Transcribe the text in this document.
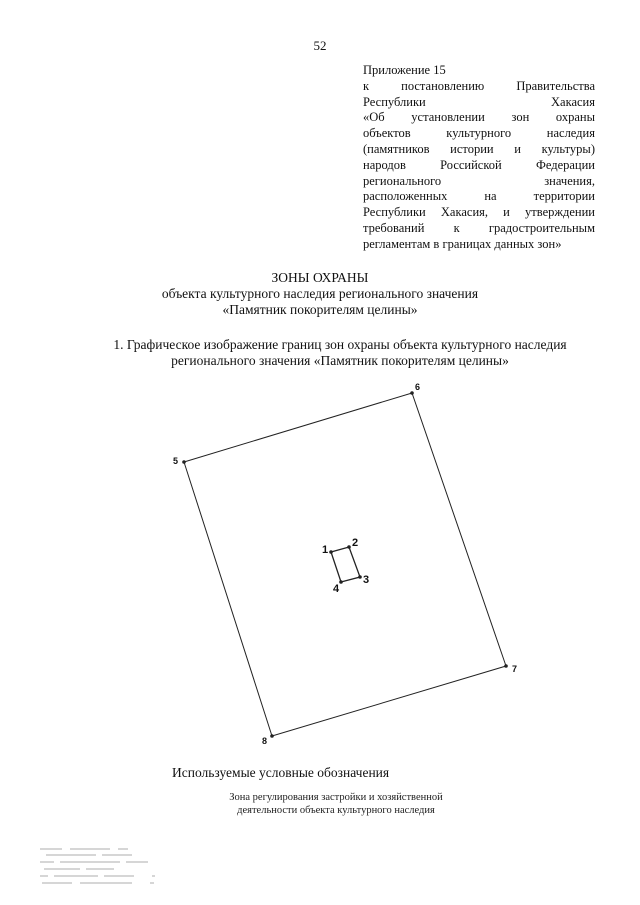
52
Приложение 15
к постановлению Правительства
Республики Хакасия
«Об установлении зон охраны
объектов культурного наследия
(памятников истории и культуры)
народов Российской Федерации
регионального значения,
расположенных на территории
Республики Хакасия, и утверждении
требований к градостроительным
регламентам в границах данных зон»
ЗОНЫ ОХРАНЫ
объекта культурного наследия регионального значения
«Памятник покорителям целины»
1. Графическое изображение границ зон охраны объекта культурного наследия
регионального значения «Памятник покорителям целины»
1
2
3
4
5
6
7
8
Используемые условные обозначения
Зона регулирования застройки и хозяйственной
деятельности объекта культурного наследия
